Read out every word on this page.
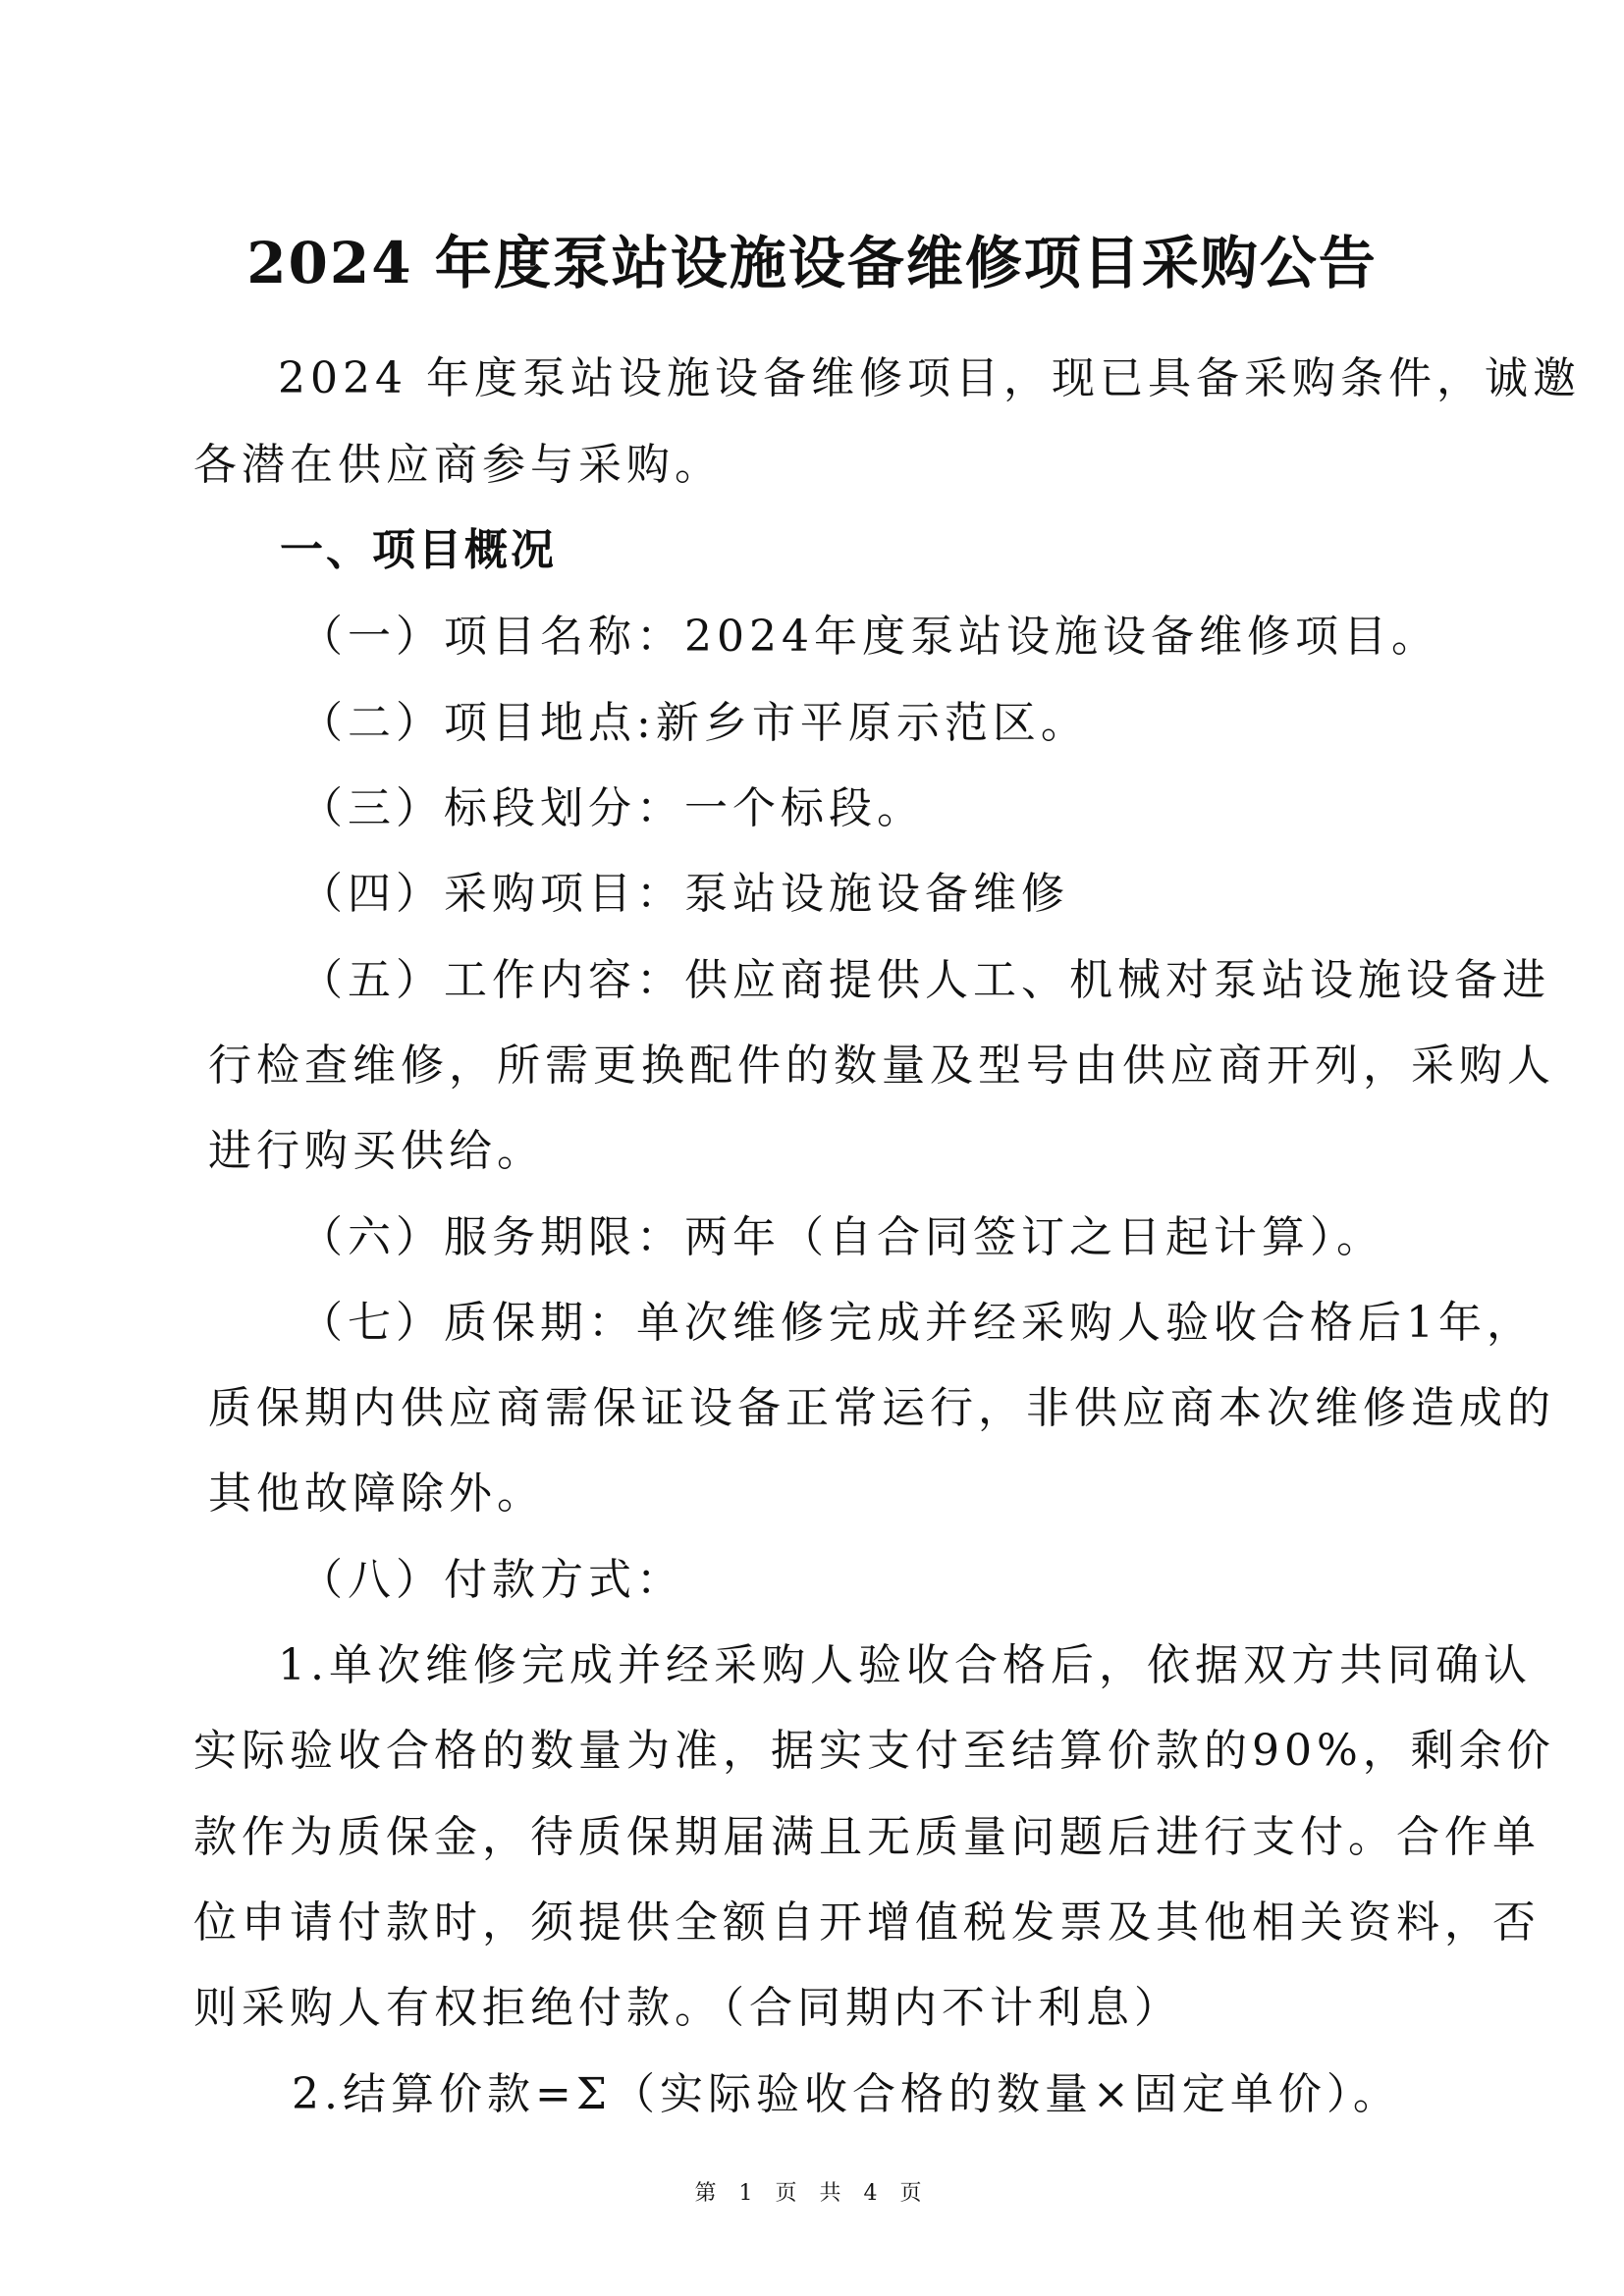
2024 年度泵站设施设备维修项目采购公告
2024 年度泵站设施设备维修项目，现已具备采购条件，诚邀
各潜在供应商参与采购。
一、项目概况
（一）项目名称：2024年度泵站设施设备维修项目。
（二）项目地点:新乡市平原示范区。
（三）标段划分：一个标段。
（四）采购项目：泵站设施设备维修
（五）工作内容：供应商提供人工、机械对泵站设施设备进
行检查维修，所需更换配件的数量及型号由供应商开列，采购人
进行购买供给。
（六）服务期限：两年（自合同签订之日起计算）。
（七）质保期：单次维修完成并经采购人验收合格后1年，
质保期内供应商需保证设备正常运行，非供应商本次维修造成的
其他故障除外。
（八）付款方式：
1.单次维修完成并经采购人验收合格后，依据双方共同确认
实际验收合格的数量为准，据实支付至结算价款的90%，剩余价
款作为质保金，待质保期届满且无质量问题后进行支付。合作单
位申请付款时，须提供全额自开增值税发票及其他相关资料，否
则采购人有权拒绝付款。（合同期内不计利息）
2.结算价款=Σ（实际验收合格的数量×固定单价）。
第 1 页 共 4 页
